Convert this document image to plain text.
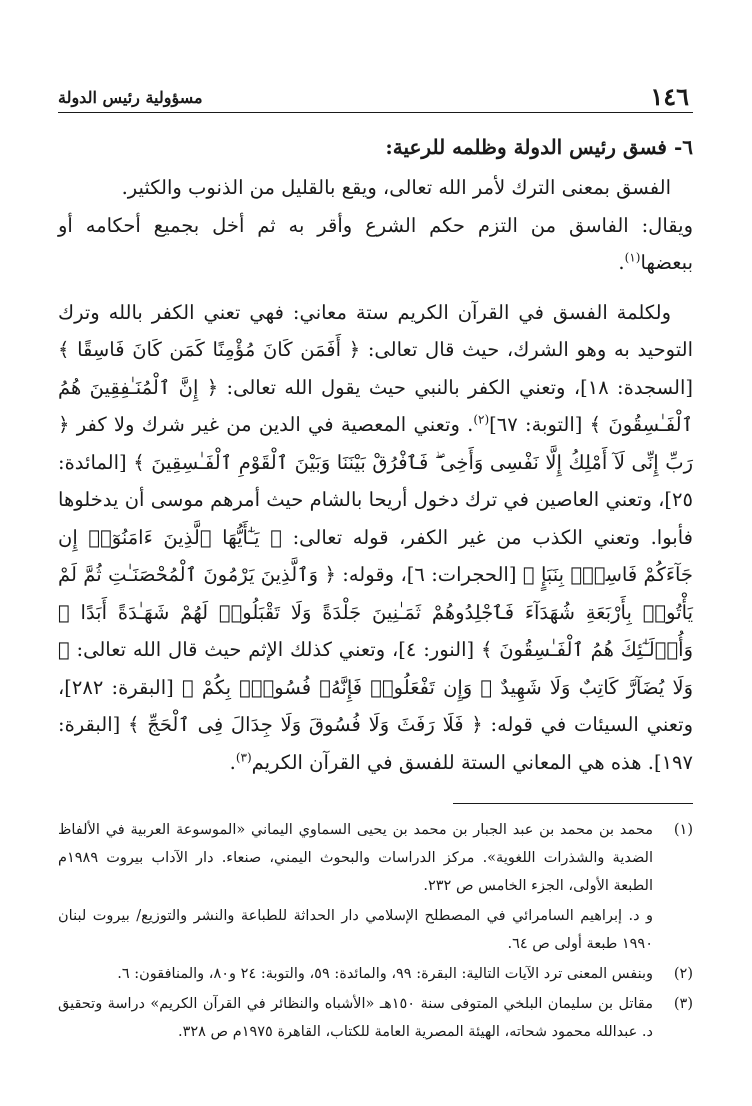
١٤٦
مسؤولية رئيس الدولة
٦- فسق رئيس الدولة وظلمه للرعية:

الفسق بمعنى الترك لأمر الله تعالى، ويقع بالقليل من الذنوب والكثير.

ويقال: الفاسق من التزم حكم الشرع وأقر به ثم أخل بجميع أحكامه أو ببعضها$^{(١)}$.

ولكلمة الفسق في القرآن الكريم ستة معاني: فهي تعني الكفر بالله وترك التوحيد به وهو الشرك، حيث قال تعالى: ﴿ أَفَمَن كَانَ مُؤْمِنًا كَمَن كَانَ فَاسِقًا ﴾ [السجدة: ١٨]، وتعني الكفر بالنبي حيث يقول الله تعالى: ﴿ إِنَّ ٱلْمُنَـٰفِقِينَ هُمُ ٱلْفَـٰسِقُونَ ﴾ [التوبة: ٦٧]$^{(٢)}$. وتعني المعصية في الدين من غير شرك ولا كفر ﴿ رَبِّ إِنِّى لَآ أَمْلِكُ إِلَّا نَفْسِى وَأَخِى ۖ فَٱفْرُقْ بَيْنَنَا وَبَيْنَ ٱلْقَوْمِ ٱلْفَـٰسِقِينَ ﴾ [المائدة: ٢٥]، وتعني العاصين في ترك دخول أريحا بالشام حيث أمرهم موسى أن يدخلوها فأبوا. وتعني الكذب من غير الكفر، قوله تعالى: ﴿ يَـٰٓأَيُّهَا ٱلَّذِينَ ءَامَنُوٓا۟ إِن جَآءَكُمْ فَاسِقٌۢ بِنَبَإٍ ﴾ [الحجرات: ٦]، وقوله: ﴿ وَٱلَّذِينَ يَرْمُونَ ٱلْمُحْصَنَـٰتِ ثُمَّ لَمْ يَأْتُوا۟ بِأَرْبَعَةِ شُهَدَآءَ فَٱجْلِدُوهُمْ ثَمَـٰنِينَ جَلْدَةً وَلَا تَقْبَلُوا۟ لَهُمْ شَهَـٰدَةً أَبَدًا ۚ وَأُو۟لَـٰٓئِكَ هُمُ ٱلْفَـٰسِقُونَ ﴾ [النور: ٤]، وتعني كذلك الإثم حيث قال الله تعالى: ﴿ وَلَا يُضَآرَّ كَاتِبٌ وَلَا شَهِيدٌ ۚ وَإِن تَفْعَلُوا۟ فَإِنَّهُۥ فُسُوقٌۢ بِكُمْ ﴾ [البقرة: ٢٨٢]، وتعني السيئات في قوله: ﴿ فَلَا رَفَثَ وَلَا فُسُوقَ وَلَا جِدَالَ فِى ٱلْحَجِّ ﴾ [البقرة: ١٩٧]. هذه هي المعاني الستة للفسق في القرآن الكريم$^{(٣)}$.

(١)
محمد بن محمد بن عبد الجبار بن محمد بن يحيى السماوي اليماني «الموسوعة العربية في الألفاظ الضدية والشذرات اللغوية». مركز الدراسات والبحوث اليمني، صنعاء. دار الآداب بيروت ١٩٨٩م الطبعة الأولى، الجزء الخامس ص ٢٣٢.
و د. إبراهيم السامرائي في المصطلح الإسلامي دار الحداثة للطباعة والنشر والتوزيع/ بيروت لبنان ١٩٩٠ طبعة أولى ص ٦٤.
(٢)
وبنفس المعنى ترد الآيات التالية: البقرة: ٩٩، والمائدة: ٥٩، والتوبة: ٢٤ و٨٠، والمنافقون: ٦.
(٣)
مقاتل بن سليمان البلخي المتوفى سنة ١٥٠هـ «الأشباه والنظائر في القرآن الكريم» دراسة وتحقيق د. عبدالله محمود شحاته، الهيئة المصرية العامة للكتاب، القاهرة ١٩٧٥م ص ٣٢٨.
